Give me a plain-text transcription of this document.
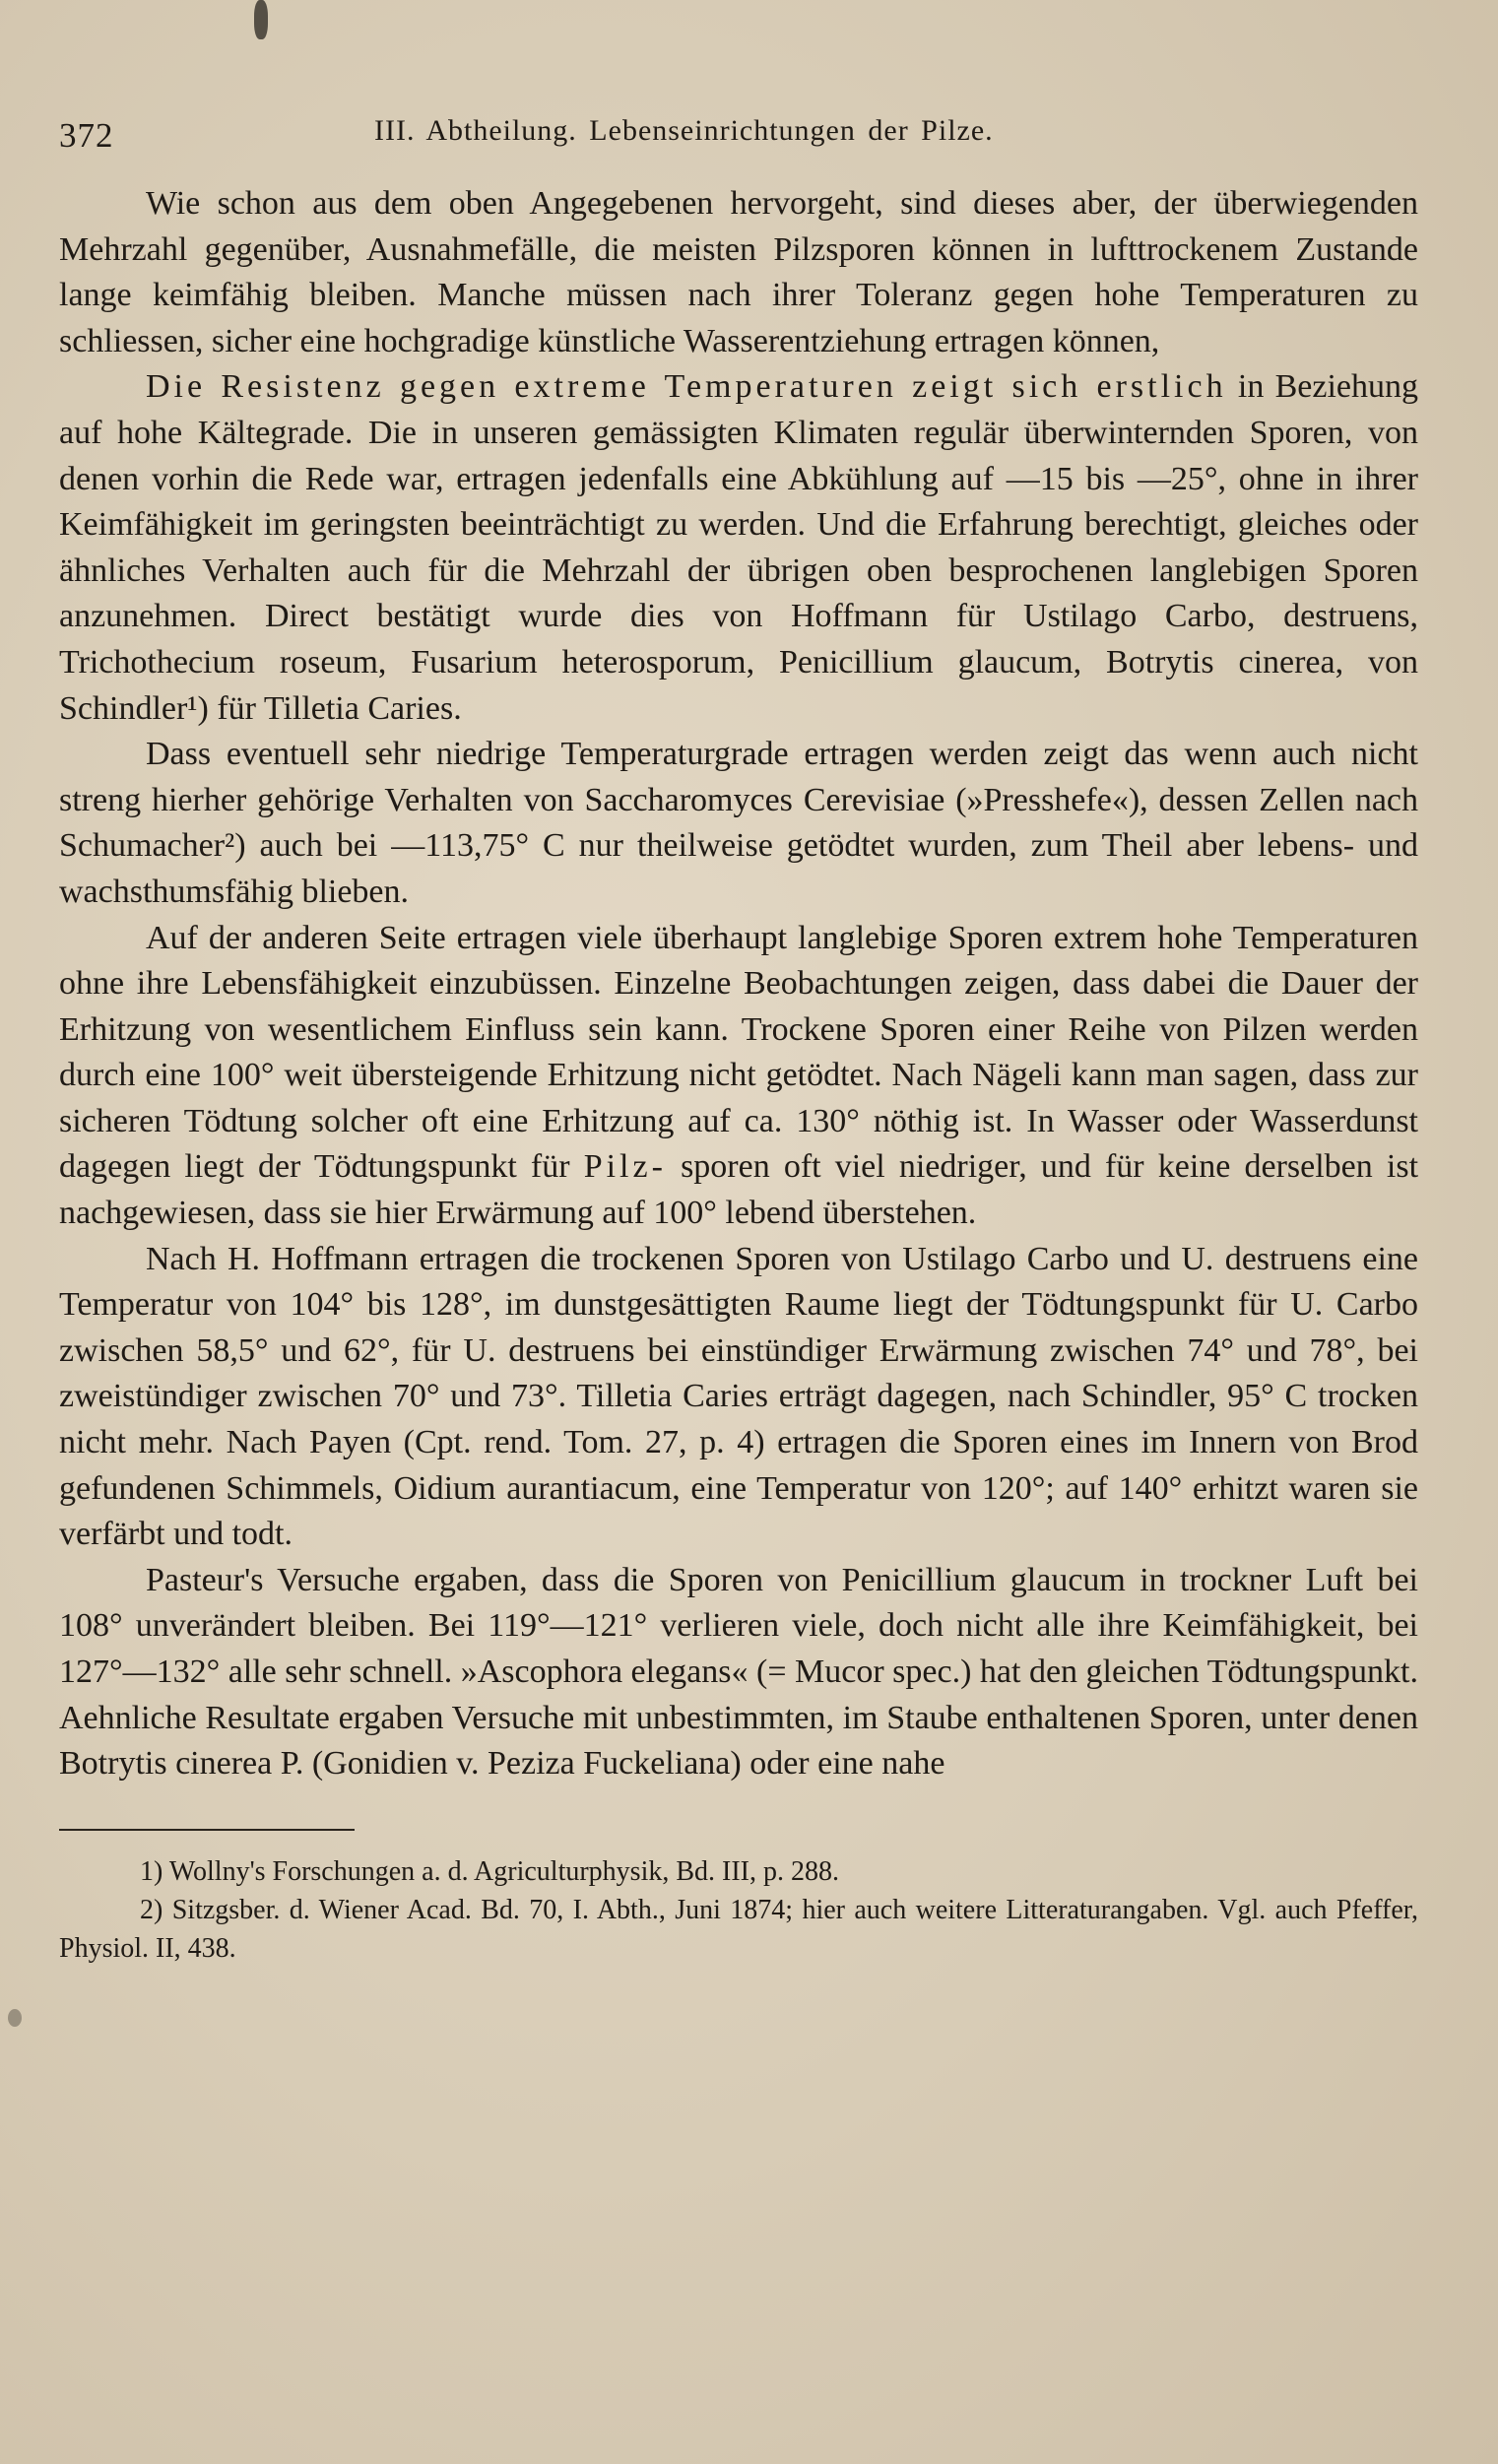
372	III. Abtheilung. Lebenseinrichtungen der Pilze.

Wie schon aus dem oben Angegebenen hervorgeht, sind dieses aber, der überwiegenden Mehrzahl gegenüber, Ausnahmefälle, die meisten Pilzsporen können in lufttrockenem Zustande lange keimfähig bleiben. Manche müssen nach ihrer Toleranz gegen hohe Temperaturen zu schliessen, sicher eine hochgradige künstliche Wasserentziehung ertragen können,

Die Resistenz gegen extreme Temperaturen zeigt sich erstlich in Beziehung auf hohe Kältegrade. Die in unseren gemässigten Klimaten regulär überwinternden Sporen, von denen vorhin die Rede war, ertragen jedenfalls eine Abkühlung auf —15 bis —25°, ohne in ihrer Keimfähigkeit im geringsten beeinträchtigt zu werden. Und die Erfahrung berechtigt, gleiches oder ähnliches Verhalten auch für die Mehrzahl der übrigen oben besprochenen langlebigen Sporen anzunehmen. Direct bestätigt wurde dies von Hoffmann für Ustilago Carbo, destruens, Trichothecium roseum, Fusarium heterosporum, Penicillium glaucum, Botrytis cinerea, von Schindler¹) für Tilletia Caries.

Dass eventuell sehr niedrige Temperaturgrade ertragen werden zeigt das wenn auch nicht streng hierher gehörige Verhalten von Saccharomyces Cerevisiae (»Presshefe«), dessen Zellen nach Schumacher²) auch bei —113,75° C nur theilweise getödtet wurden, zum Theil aber lebens- und wachsthumsfähig blieben.

Auf der anderen Seite ertragen viele überhaupt langlebige Sporen extrem hohe Temperaturen ohne ihre Lebensfähigkeit einzubüssen. Einzelne Beobachtungen zeigen, dass dabei die Dauer der Erhitzung von wesentlichem Einfluss sein kann. Trockene Sporen einer Reihe von Pilzen werden durch eine 100° weit übersteigende Erhitzung nicht getödtet. Nach Nägeli kann man sagen, dass zur sicheren Tödtung solcher oft eine Erhitzung auf ca. 130° nöthig ist. In Wasser oder Wasserdunst dagegen liegt der Tödtungspunkt für Pilz- sporen oft viel niedriger, und für keine derselben ist nachgewiesen, dass sie hier Erwärmung auf 100° lebend überstehen.

Nach H. Hoffmann ertragen die trockenen Sporen von Ustilago Carbo und U. destruens eine Temperatur von 104° bis 128°, im dunstgesättigten Raume liegt der Tödtungspunkt für U. Carbo zwischen 58,5° und 62°, für U. destruens bei einstündiger Erwärmung zwischen 74° und 78°, bei zweistündiger zwischen 70° und 73°. Tilletia Caries erträgt dagegen, nach Schindler, 95° C trocken nicht mehr. Nach Payen (Cpt. rend. Tom. 27, p. 4) ertragen die Sporen eines im Innern von Brod gefundenen Schimmels, Oidium aurantiacum, eine Temperatur von 120°; auf 140° erhitzt waren sie verfärbt und todt.

Pasteur's Versuche ergaben, dass die Sporen von Penicillium glaucum in trockner Luft bei 108° unverändert bleiben. Bei 119°—121° verlieren viele, doch nicht alle ihre Keimfähigkeit, bei 127°—132° alle sehr schnell. »Ascophora elegans« (= Mucor spec.) hat den gleichen Tödtungspunkt. Aehnliche Resultate ergaben Versuche mit unbestimmten, im Staube enthaltenen Sporen, unter denen Botrytis cinerea P. (Gonidien v. Peziza Fuckeliana) oder eine nahe

1) Wollny's Forschungen a. d. Agriculturphysik, Bd. III, p. 288.

2) Sitzgsber. d. Wiener Acad. Bd. 70, I. Abth., Juni 1874; hier auch weitere Litteraturangaben. Vgl. auch Pfeffer, Physiol. II, 438.
